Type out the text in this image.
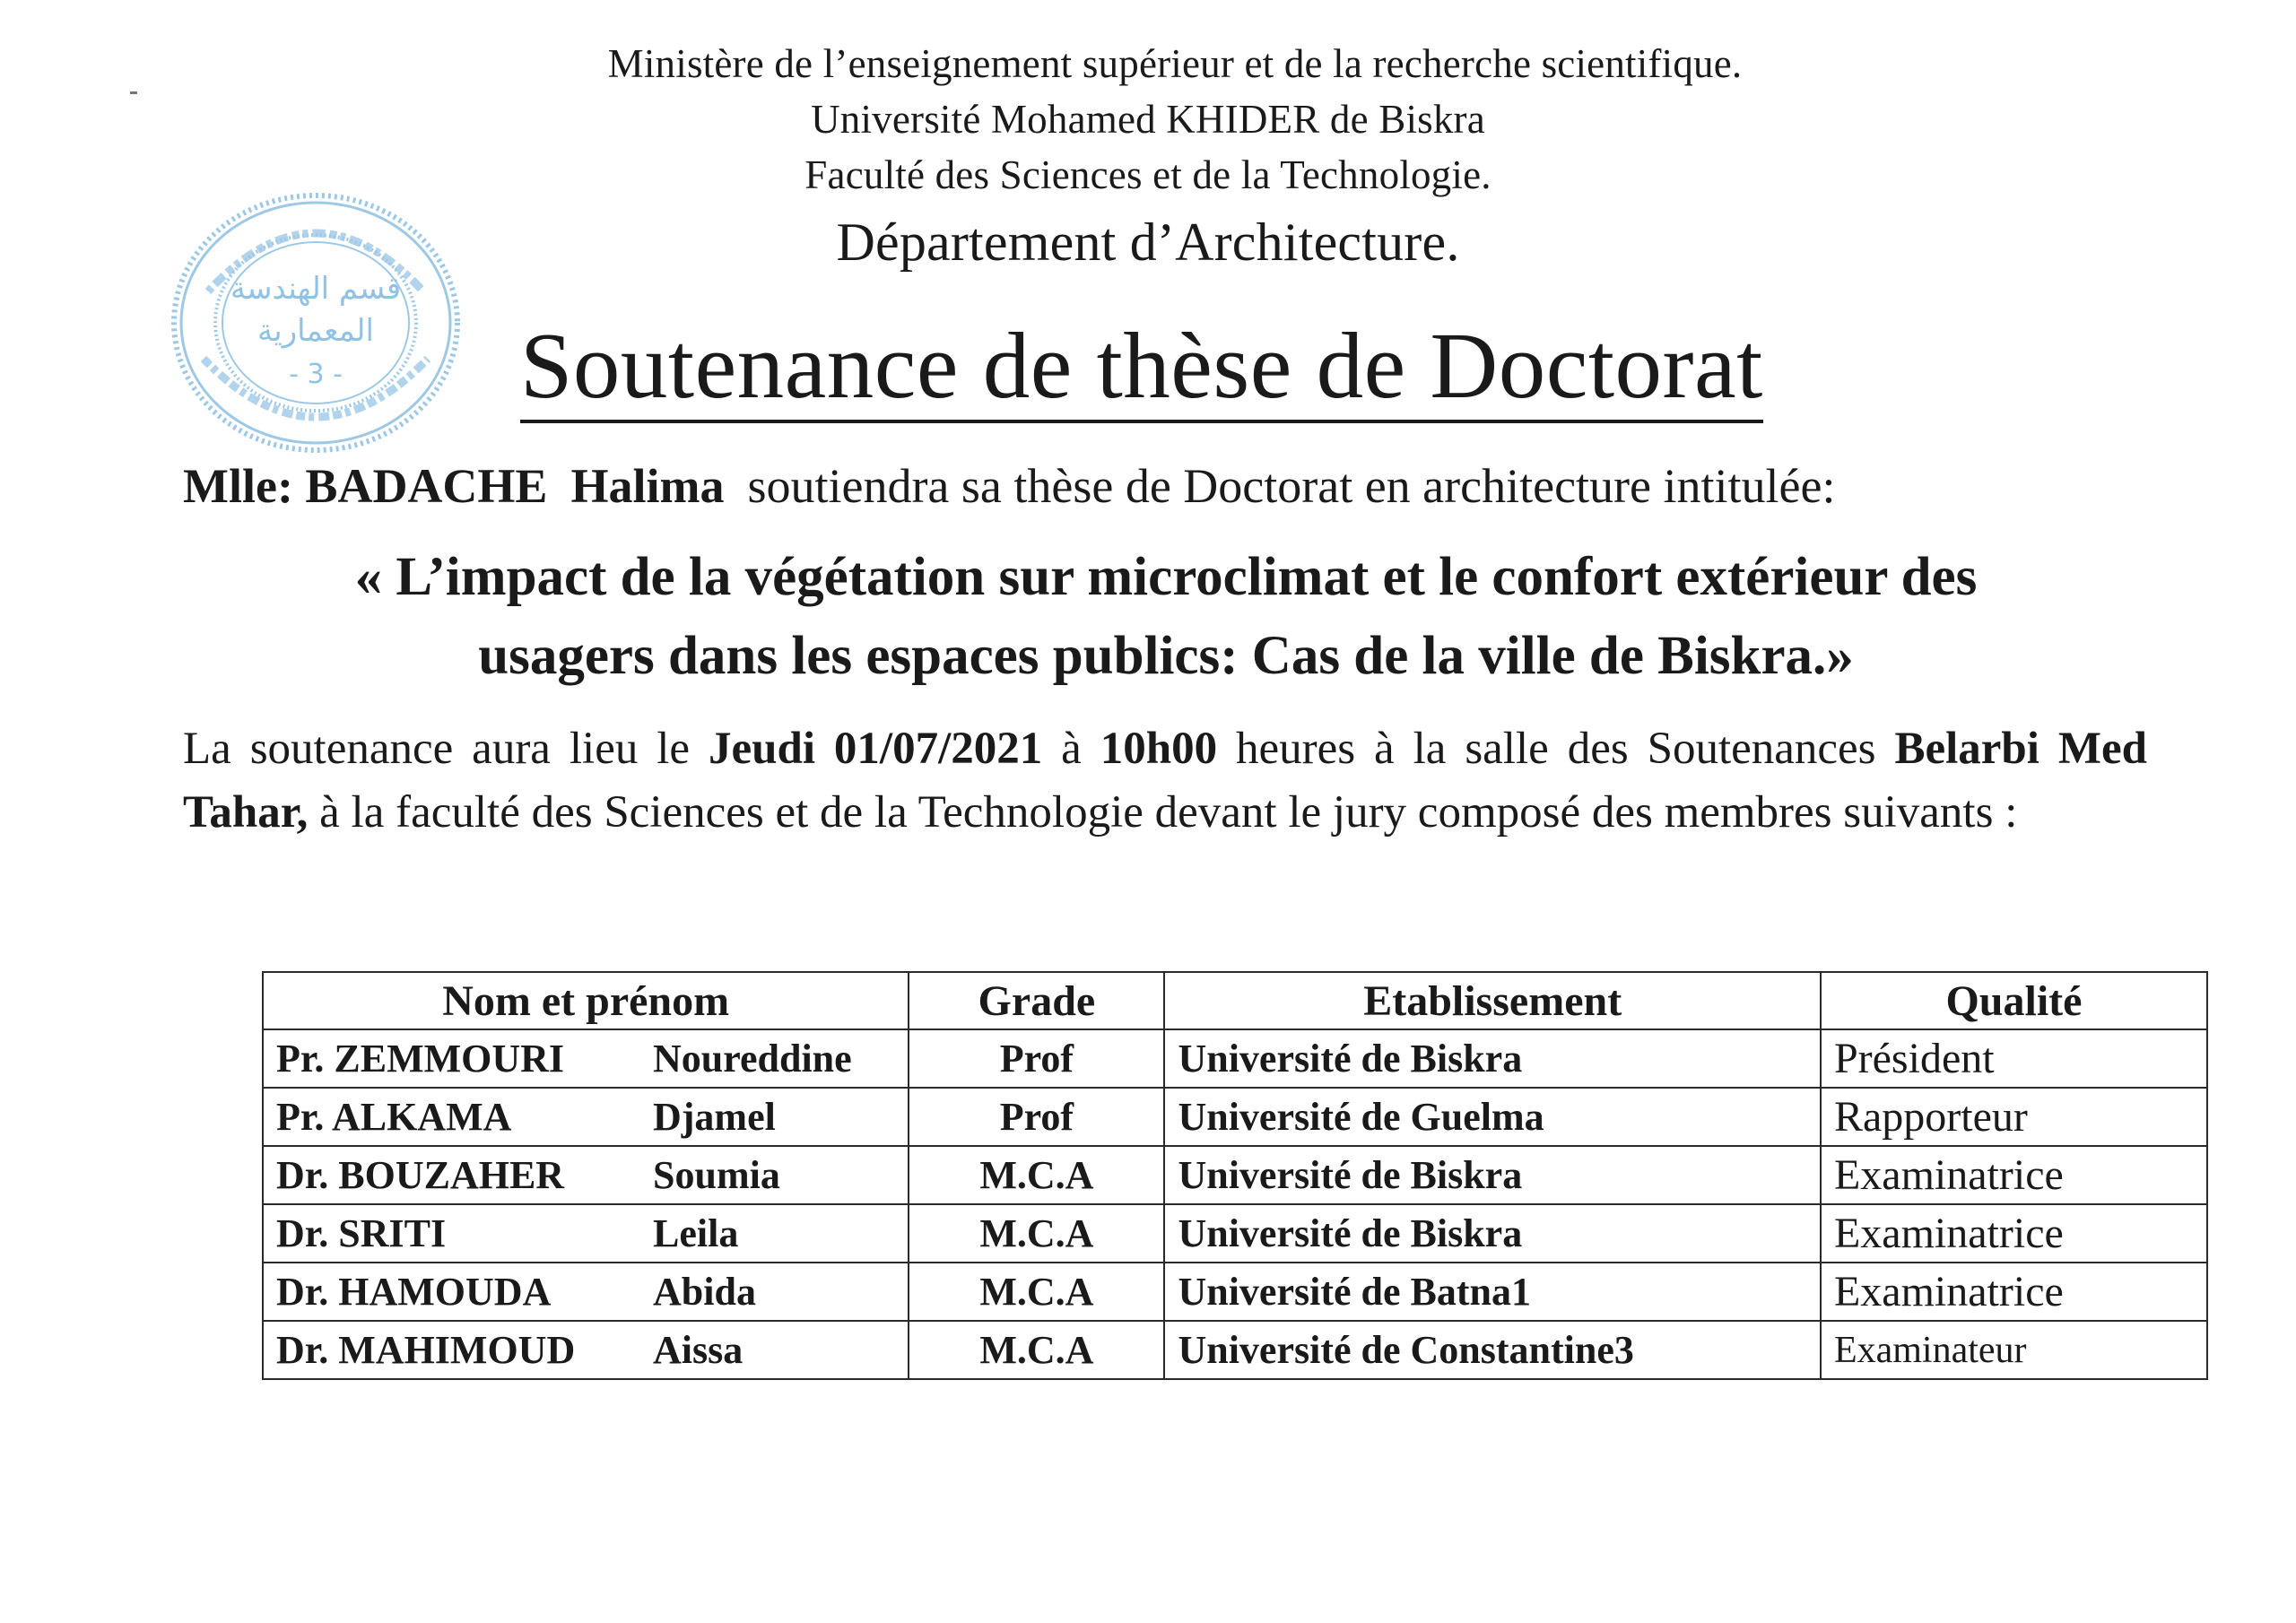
Ministère de l’enseignement supérieur et de la recherche scientifique.
Université Mohamed KHIDER de Biskra
Faculté des Sciences et de la Technologie.
Département d’Architecture.
قسم الهندسة
المعمارية
- 3 - Soutenance de thèse de Doctorat
Mlle: BADACHE Halima soutiendra sa thèse de Doctorat en architecture intitulée:
« L’impact de la végétation sur microclimat et le confort extérieur des
usagers dans les espaces publics: Cas de la ville de Biskra.»
La soutenance aura lieu le Jeudi 01/07/2021 à 10h00 heures à la salle des Soutenances Belarbi Med Tahar, à la faculté des Sciences et de la Technologie devant le jury composé des membres suivants :
Nom et prénom	Grade	Etablissement	Qualité
Pr. ZEMMOURI Noureddine	Prof	Université de Biskra	Président
Pr. ALKAMA Djamel	Prof	Université de Guelma	Rapporteur
Dr. BOUZAHER Soumia	M.C.A	Université de Biskra	Examinatrice
Dr. SRITI Leila	M.C.A	Université de Biskra	Examinatrice
Dr. HAMOUDA Abida	M.C.A	Université de Batna1	Examinatrice
Dr. MAHIMOUD Aissa	M.C.A	Université de Constantine3	Examinateur
